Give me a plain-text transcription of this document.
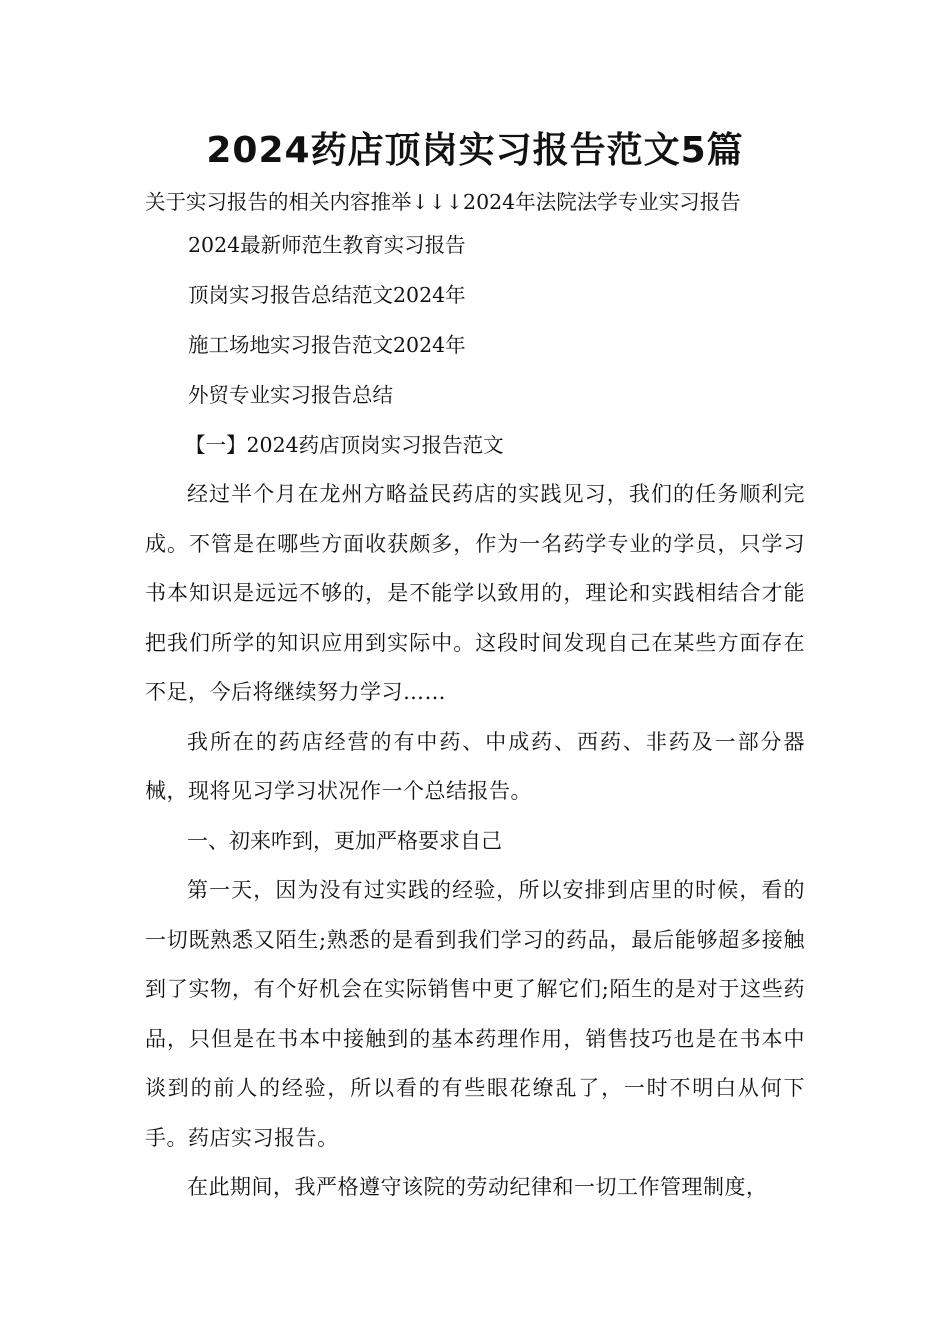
2024药店顶岗实习报告范文5篇

关于实习报告的相关内容推举↓↓↓2024年法院法学专业实习报告

2024最新师范生教育实习报告
顶岗实习报告总结范文2024年
施工场地实习报告范文2024年
外贸专业实习报告总结

【一】2024药店顶岗实习报告范文

经过半个月在龙州方略益民药店的实践见习，我们的任务顺利完成。不管是在哪些方面收获颇多，作为一名药学专业的学员，只学习书本知识是远远不够的，是不能学以致用的，理论和实践相结合才能把我们所学的知识应用到实际中。这段时间发现自己在某些方面存在不足，今后将继续努力学习……

我所在的药店经营的有中药、中成药、西药、非药及一部分器械，现将见习学习状况作一个总结报告。

一、初来咋到，更加严格要求自己

第一天，因为没有过实践的经验，所以安排到店里的时候，看的一切既熟悉又陌生;熟悉的是看到我们学习的药品，最后能够超多接触到了实物，有个好机会在实际销售中更了解它们;陌生的是对于这些药品，只但是在书本中接触到的基本药理作用，销售技巧也是在书本中谈到的前人的经验，所以看的有些眼花缭乱了，一时不明白从何下手。药店实习报告。

在此期间，我严格遵守该院的劳动纪律和一切工作管理制度，
